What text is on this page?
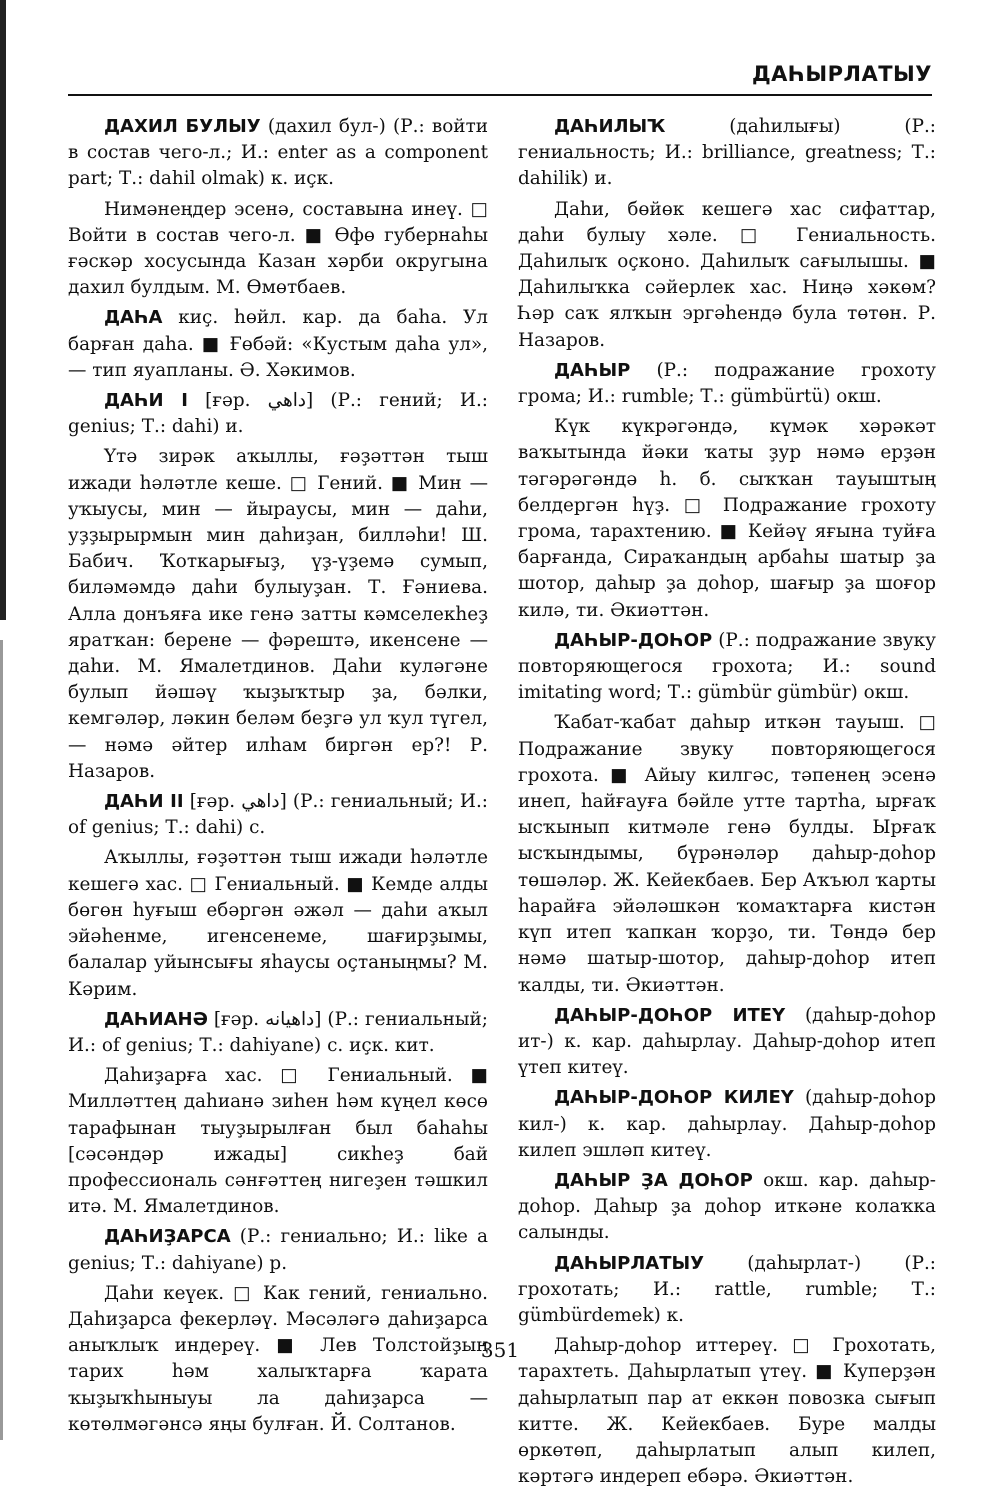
ДАҺЫРЛАТЫУ

ДАХИЛ БУЛЫУ (дахил бул-) (Р.: войти в состав чего-л.; И.: enter as a component part; Т.: dahil olmak) к. иҫк.

Нимәнеңдер эсенә, составына инеү. □ Войти в состав чего-л. ■ Өфө губернаһы ғәскәр хосусында Казан хәрби округына дахил булдым. М. Өмөтбаев.

ДАҺА киҫ. һөйл. кар. да баһа. Ул барған даһа. ■ Ғөбәй: «Кустым даһа ул», — тип яуапланы. Ә. Хәкимов.

ДАҺИ I [ғәр. داهي] (Р.: гений; И.: genius; Т.: dahi) и.

Үтә зирәк аҡыллы, ғәҙәттән тыш ижади һәләтле кеше. □ Гений. ■ Мин — уҡыусы, мин — йыраусы, мин — даһи, уҙҙырырмын мин даһиҙан, билләһи! Ш. Бабич. Ҡоткарығыҙ, үҙ-үҙемә сумып, биләмәмдә даһи булыуҙан. Т. Ғәниева. Алла донъяға ике генә затты кәмселекһеҙ яратҡан: берене — фәрештә, икенсене — даһи. М. Ямалетдинов. Даһи куләгәне булып йәшәү ҡыҙыҡтыр ҙа, бәлки, кемгәләр, ләкин беләм беҙгә ул ҡул түгел, — нәмә әйтер илһам биргән ер?! Р. Назаров.

ДАҺИ II [ғәр. داهي] (Р.: гениальный; И.: of genius; Т.: dahi) с.

Аҡыллы, ғәҙәттән тыш ижади һәләтле кешегә хас. □ Гениальный. ■ Кемде алды бөгөн һуғыш ебәргән әжәл — даһи аҡыл эйәһенме, игенсенеме, шағирҙымы, балалар уйынсығы яһаусы оҫтаныңмы? М. Кәрим.

ДАҺИАНӘ [ғәр. داهيانه] (Р.: гениальный; И.: of genius; Т.: dahiyane) с. иҫк. кит.

Даһиҙарға хас. □ Гениальный. ■ Милләттең даһианә зиһен һәм күңел көсө тарафынан тыуҙырылған был баһаһы [сәсәндәр ижады] сикһеҙ бай профессиональ сәнғәттең нигеҙен тәшкил итә. М. Ямалетдинов.

ДАҺИҘАРСА (Р.: гениально; И.: like a genius; Т.: dahiyane) р.

Даһи кеүек. □ Как гений, гениально. Даһиҙарса фекерләү. Мәсәләгә даһиҙарса аныҡлыҡ индереү. ■ Лев Толстойҙың тарих һәм халыҡтарға ҡарата ҡыҙыҡһыныуы ла даһиҙарса — көтөлмәгәнсә яңы булған. Й. Солтанов.

ДАҺИЛЫҠ (даһилығы) (Р.: гениальность; И.: brilliance, greatness; Т.: dahilik) и.

Даһи, бөйөк кешегә хас сифаттар, даһи булыу хәле. □ Гениальность. Даһилыҡ оҫконо. Даһилыҡ сағылышы. ■ Даһилыҡка сәйерлек хас. Ниңә хәкөм? Һәр саҡ ялҡын эргәһендә була төтөн. Р. Назаров.

ДАҺЫР (Р.: подражание грохоту грома; И.: rumble; Т.: gümbürtü) окш.

Күк күкрәгәндә, күмәк хәрәкәт ваҡытында йәки ҡаты ҙур нәмә ерҙән тәгәрәгәндә һ. б. сыҡҡан тауыштың белдергән һүҙ. □ Подражание грохоту грома, тарахтению. ■ Кейәү яғына туйға барғанда, Сираҡандың арбаһы шатыр ҙа шотор, даһыр ҙа доһор, шағыр ҙа шоғор килә, ти. Әкиәттән.

ДАҺЫР-ДОҺОР (Р.: подражание звуку повторяющегося грохота; И.: sound imitating word; Т.: gümbür gümbür) окш.

Ҡабат-ҡабат даһыр иткән тауыш. □ Подражание звуку повторяющегося грохота. ■ Айыу килгәс, тәпенең эсенә инеп, һайғауға бәйле утте тартһа, ырғаҡ ысҡынып китмәле генә булды. Ырғаҡ ысҡындымы, бүрәнәләр даһыр-доһор төшәләр. Ж. Кейекбаев. Бер Аҡъюл ҡарты һарайға эйәләшкән ҡомаҡтарға кистән күп итеп ҡапкан ҡорҙо, ти. Төндә бер нәмә шатыр-шотор, даһыр-доһор итеп ҡалды, ти. Әкиәттән.

ДАҺЫР-ДОҺОР ИТЕҮ (даһыр-доһор ит-) к. кар. даһырлау. Даһыр-доһор итеп үтеп китеү.

ДАҺЫР-ДОҺОР КИЛЕҮ (даһыр-доһор кил-) к. кар. даһырлау. Даһыр-доһор килеп эшләп китеү.

ДАҺЫР ҘА ДОҺОР окш. кар. даһыр-доһор. Даһыр ҙа доһор иткәне колаҡка салынды.

ДАҺЫРЛАТЫУ (даһырлат-) (Р.: грохотать; И.: rattle, rumble; Т.: gümbürdemek) к.

Даһыр-доһор иттереү. □ Грохотать, тарахтеть. Даһырлатып үтеү. ■ Куперҙән даһырлатып пар ат еккән повозка сығып китте. Ж. Кейекбаев. Буре малды өркөтөп, даһырлатып алып килеп, кәртәгә индереп ебәрә. Әкиәттән.

351
